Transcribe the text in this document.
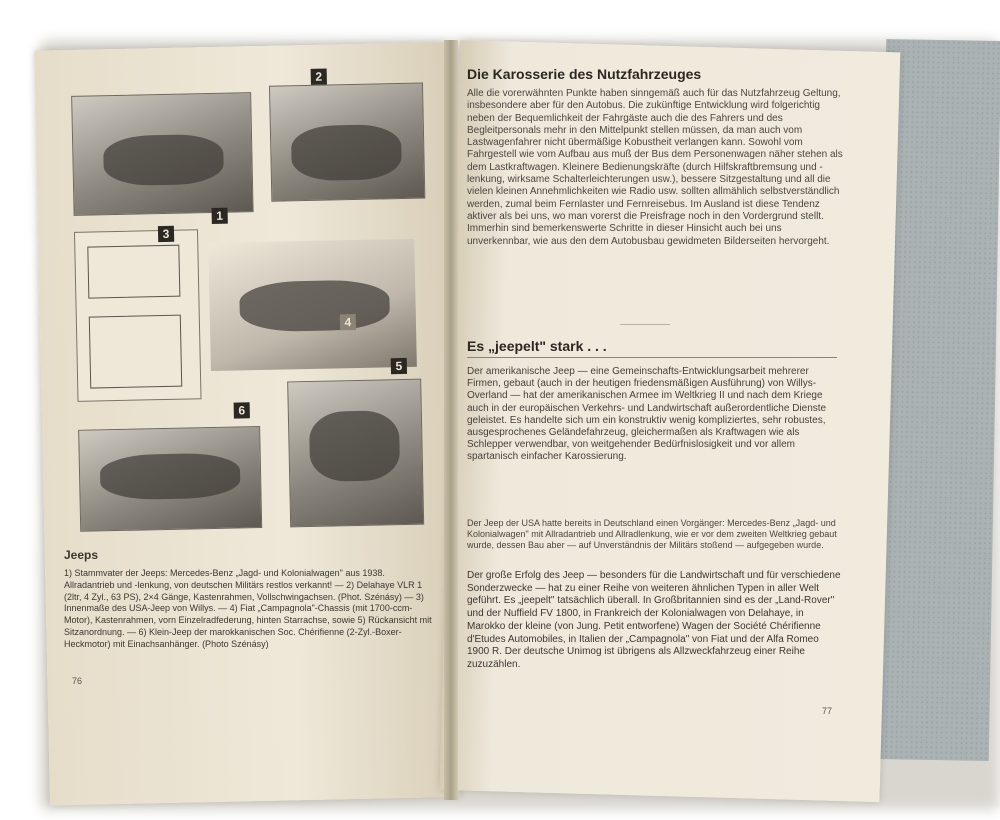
1
2
3
4
5
6
Jeeps
1) Stammvater der Jeeps: Mercedes-Benz „Jagd- und Kolonialwagen" aus 1938. Allradantrieb und -lenkung, von deutschen Militärs restlos verkannt! — 2) Delahaye VLR 1 (2ltr, 4 Zyl., 63 PS), 2×4 Gänge, Kastenrahmen, Vollschwingachsen. (Phot. Szénásy) — 3) Innenmaße des USA-Jeep von Willys. — 4) Fiat „Campagnola"-Chassis (mit 1700-ccm-Motor), Kastenrahmen, vorn Einzelradfederung, hinten Starrachse, sowie 5) Rückansicht mit Sitzanordnung. — 6) Klein-Jeep der marokkanischen Soc. Chérifienne (2-Zyl.-Boxer-Heckmotor) mit Einachsanhänger. (Photo Szénásy)
76
Die Karosserie des Nutzfahrzeuges
Alle die vorerwähnten Punkte haben sinngemäß auch für das Nutzfahrzeug Geltung, insbesondere aber für den Autobus. Die zukünftige Entwicklung wird folgerichtig neben der Bequemlichkeit der Fahrgäste auch die des Fahrers und des Begleitpersonals mehr in den Mittelpunkt stellen müssen, da man auch vom Lastwagenfahrer nicht übermäßige Kobustheit verlangen kann. Sowohl vom Fahrgestell wie vom Aufbau aus muß der Bus dem Personenwagen näher stehen als dem Lastkraftwagen. Kleinere Bedienungskräfte (durch Hilfskraftbremsung und -lenkung, wirksame Schalterleichterungen usw.), bessere Sitzgestaltung und all die vielen kleinen Annehmlichkeiten wie Radio usw. sollten allmählich selbstverständlich werden, zumal beim Fernlaster und Fernreisebus. Im Ausland ist diese Tendenz aktiver als bei uns, wo man vorerst die Preisfrage noch in den Vordergrund stellt. Immerhin sind bemerkenswerte Schritte in dieser Hinsicht auch bei uns unverkennbar, wie aus den dem Autobusbau gewidmeten Bilderseiten hervorgeht.
Es „jeepelt" stark . . .
Der amerikanische Jeep — eine Gemeinschafts-Entwicklungsarbeit mehrerer Firmen, gebaut (auch in der heutigen friedensmäßigen Ausführung) von Willys-Overland — hat der amerikanischen Armee im Weltkrieg II und nach dem Kriege auch in der europäischen Verkehrs- und Landwirtschaft außerordentliche Dienste geleistet. Es handelte sich um ein konstruktiv wenig kompliziertes, sehr robustes, ausgesprochenes Geländefahrzeug, gleichermaßen als Kraftwagen wie als Schlepper verwendbar, von weitgehender Bedürfnislosigkeit und vor allem spartanisch einfacher Karossierung.
Der Jeep der USA hatte bereits in Deutschland einen Vorgänger: Mercedes-Benz „Jagd- und Kolonialwagen" mit Allradantrieb und Allradlenkung, wie er vor dem zweiten Weltkrieg gebaut wurde, dessen Bau aber — auf Unverständnis der Militärs stoßend — aufgegeben wurde.
Der große Erfolg des Jeep — besonders für die Landwirtschaft und für verschiedene Sonderzwecke — hat zu einer Reihe von weiteren ähnlichen Typen in aller Welt geführt. Es „jeepelt" tatsächlich überall. In Großbritannien sind es der „Land-Rover" und der Nuffield FV 1800, in Frankreich der Kolonialwagen von Delahaye, in Marokko der kleine (von Jung. Petit entworfene) Wagen der Société Chérifienne d'Etudes Automobiles, in Italien der „Campagnola" von Fiat und der Alfa Romeo 1900 R. Der deutsche Unimog ist übrigens als Allzweckfahrzeug einer Reihe zuzuzählen.
77
